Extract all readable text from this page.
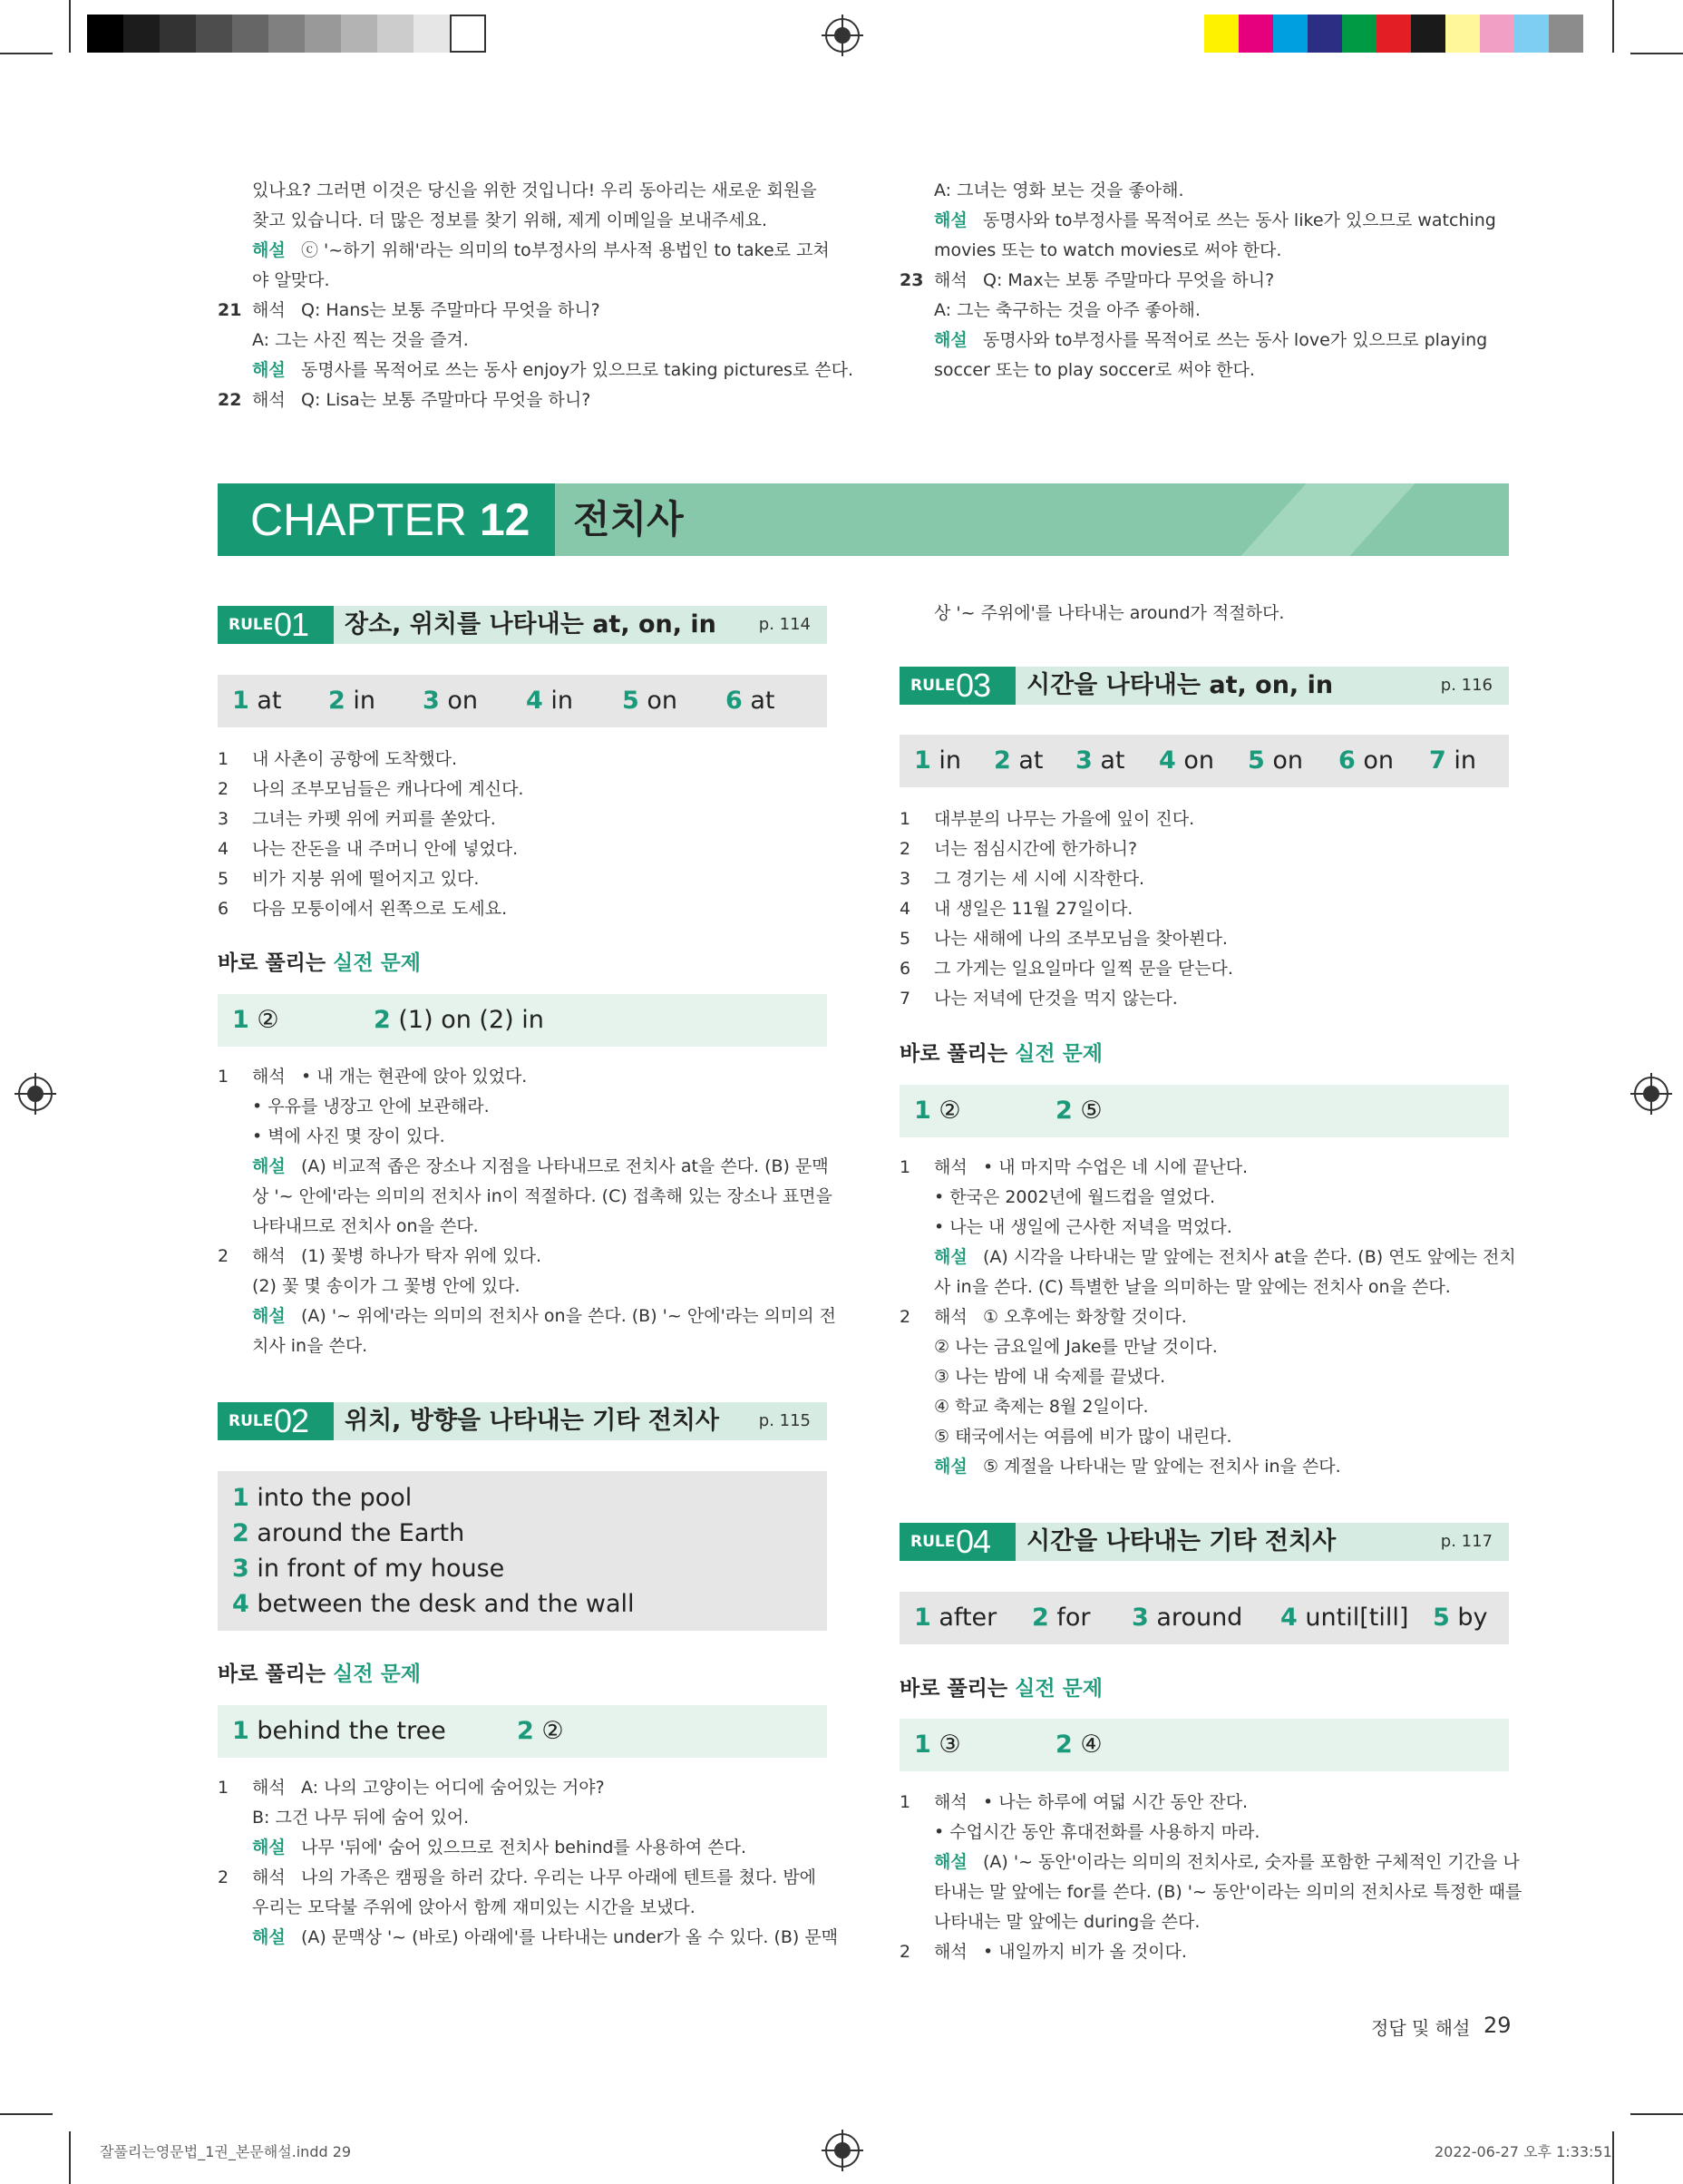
있나요? 그러면 이것은 당신을 위한 것입니다! 우리 동아리는 새로운 회원을
찾고 있습니다. 더 많은 정보를 찾기 위해, 제게 이메일을 보내주세요.
해설 ⓒ '~하기 위해'라는 의미의 to부정사의 부사적 용법인 to take로 고쳐
야 알맞다.
21 해석 Q: Hans는 보통 주말마다 무엇을 하니?
A: 그는 사진 찍는 것을 즐겨.
해설 동명사를 목적어로 쓰는 동사 enjoy가 있으므로 taking pictures로 쓴다.
22 해석 Q: Lisa는 보통 주말마다 무엇을 하니?
A: 그녀는 영화 보는 것을 좋아해.
해설 동명사와 to부정사를 목적어로 쓰는 동사 like가 있으므로 watching
movies 또는 to watch movies로 써야 한다.
23 해석 Q: Max는 보통 주말마다 무엇을 하니?
A: 그는 축구하는 것을 아주 좋아해.
해설 동명사와 to부정사를 목적어로 쓰는 동사 love가 있으므로 playing
soccer 또는 to play soccer로 써야 한다.
CHAPTER 12 전치사
RULE 01 장소, 위치를 나타내는 at, on, in	p. 114
1 at 2 in 3 on 4 in 5 on 6 at
1 내 사촌이 공항에 도착했다.
2 나의 조부모님들은 캐나다에 계신다.
3 그녀는 카펫 위에 커피를 쏟았다.
4 나는 잔돈을 내 주머니 안에 넣었다.
5 비가 지붕 위에 떨어지고 있다.
6 다음 모퉁이에서 왼쪽으로 도세요.
바로 풀리는 실전 문제
1 ②	2 (1) on (2) in
1 해석 • 내 개는 현관에 앉아 있었다.
• 우유를 냉장고 안에 보관해라.
• 벽에 사진 몇 장이 있다.
해설 (A) 비교적 좁은 장소나 지점을 나타내므로 전치사 at을 쓴다. (B) 문맥
상 '~ 안에'라는 의미의 전치사 in이 적절하다. (C) 접촉해 있는 장소나 표면을
나타내므로 전치사 on을 쓴다.
2 해석 (1) 꽃병 하나가 탁자 위에 있다.
(2) 꽃 몇 송이가 그 꽃병 안에 있다.
해설 (A) '~ 위에'라는 의미의 전치사 on을 쓴다. (B) '~ 안에'라는 의미의 전
치사 in을 쓴다.
RULE 02 위치, 방향을 나타내는 기타 전치사 p. 115
1 into the pool
2 around the Earth
3 in front of my house
4 between the desk and the wall
바로 풀리는 실전 문제
1 behind the tree	2 ②
1 해석 A: 나의 고양이는 어디에 숨어있는 거야?
B: 그건 나무 뒤에 숨어 있어.
해설 나무 '뒤에' 숨어 있으므로 전치사 behind를 사용하여 쓴다.
2 해석 나의 가족은 캠핑을 하러 갔다. 우리는 나무 아래에 텐트를 쳤다. 밤에
우리는 모닥불 주위에 앉아서 함께 재미있는 시간을 보냈다.
해설 (A) 문맥상 '~ (바로) 아래에'를 나타내는 under가 올 수 있다. (B) 문맥
상 '~ 주위에'를 나타내는 around가 적절하다.
RULE 03 시간을 나타내는 at, on, in	p. 116
1 in 2 at 3 at 4 on 5 on 6 on 7 in
1 대부분의 나무는 가을에 잎이 진다.
2 너는 점심시간에 한가하니?
3 그 경기는 세 시에 시작한다.
4 내 생일은 11월 27일이다.
5 나는 새해에 나의 조부모님을 찾아뵌다.
6 그 가게는 일요일마다 일찍 문을 닫는다.
7 나는 저녁에 단것을 먹지 않는다.
바로 풀리는 실전 문제
1 ②	2 ⑤
1 해석 • 내 마지막 수업은 네 시에 끝난다.
• 한국은 2002년에 월드컵을 열었다.
• 나는 내 생일에 근사한 저녁을 먹었다.
해설 (A) 시각을 나타내는 말 앞에는 전치사 at을 쓴다. (B) 연도 앞에는 전치
사 in을 쓴다. (C) 특별한 날을 의미하는 말 앞에는 전치사 on을 쓴다.
2 해석 ① 오후에는 화창할 것이다.
② 나는 금요일에 Jake를 만날 것이다.
③ 나는 밤에 내 숙제를 끝냈다.
④ 학교 축제는 8월 2일이다.
⑤ 태국에서는 여름에 비가 많이 내린다.
해설 ⑤ 계절을 나타내는 말 앞에는 전치사 in을 쓴다.
RULE 04 시간을 나타내는 기타 전치사	p. 117
1 after 2 for 3 around 4 until[till] 5 by
바로 풀리는 실전 문제
1 ③	2 ④
1 해석 • 나는 하루에 여덟 시간 동안 잔다.
• 수업시간 동안 휴대전화를 사용하지 마라.
해설 (A) '~ 동안'이라는 의미의 전치사로, 숫자를 포함한 구체적인 기간을 나
타내는 말 앞에는 for를 쓴다. (B) '~ 동안'이라는 의미의 전치사로 특정한 때를
나타내는 말 앞에는 during을 쓴다.
2 해석 • 내일까지 비가 올 것이다.
정답 및 해설 29
잘풀리는영문법_1권_본문해설.indd 29	2022-06-27 오후 1:33:51
